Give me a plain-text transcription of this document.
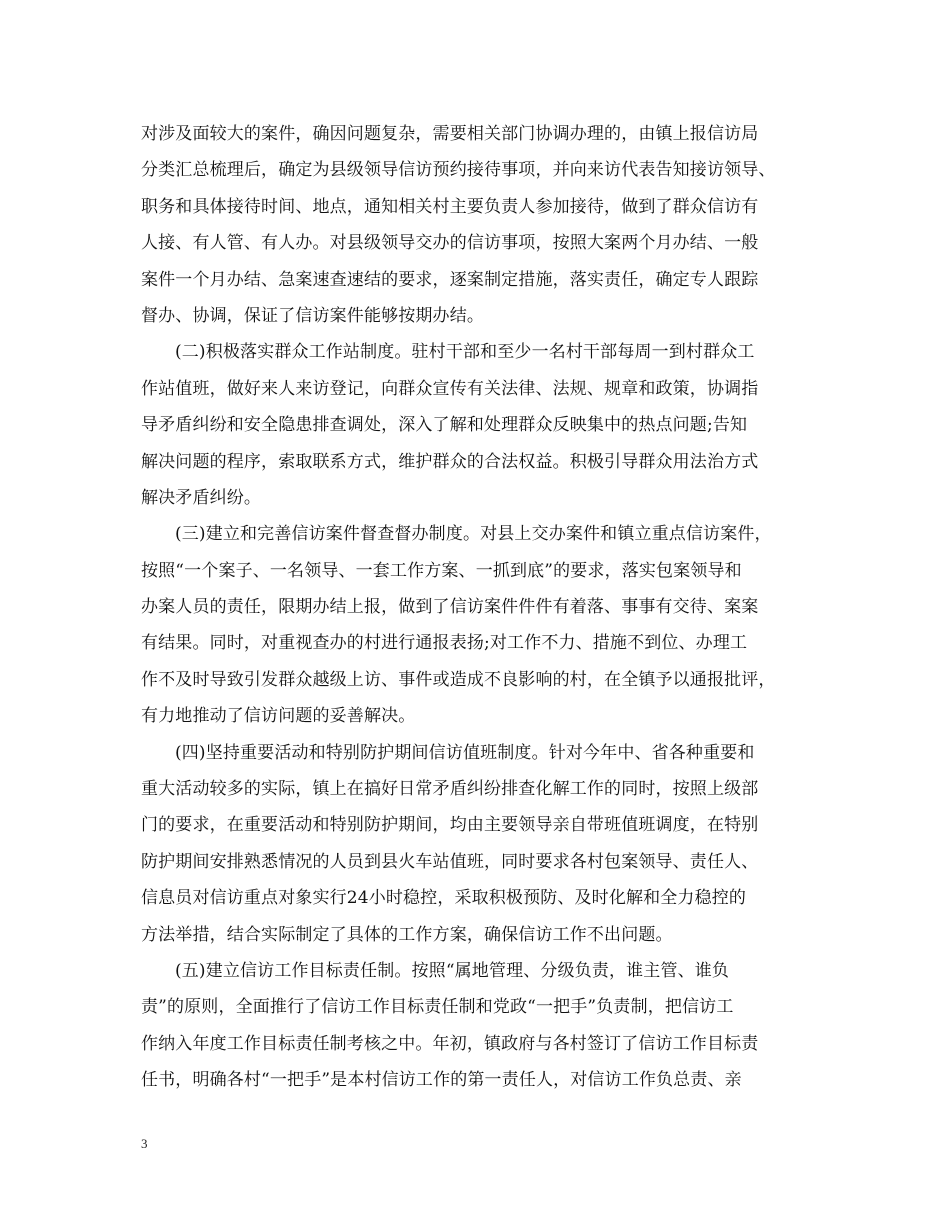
对涉及面较大的案件，确因问题复杂，需要相关部门协调办理的，由镇上报信访局
分类汇总梳理后，确定为县级领导信访预约接待事项，并向来访代表告知接访领导、
职务和具体接待时间、地点，通知相关村主要负责人参加接待，做到了群众信访有
人接、有人管、有人办。对县级领导交办的信访事项，按照大案两个月办结、一般
案件一个月办结、急案速查速结的要求，逐案制定措施，落实责任，确定专人跟踪
督办、协调，保证了信访案件能够按期办结。
(二)积极落实群众工作站制度。驻村干部和至少一名村干部每周一到村群众工
作站值班，做好来人来访登记，向群众宣传有关法律、法规、规章和政策，协调指
导矛盾纠纷和安全隐患排查调处，深入了解和处理群众反映集中的热点问题;告知
解决问题的程序，索取联系方式，维护群众的合法权益。积极引导群众用法治方式
解决矛盾纠纷。
(三)建立和完善信访案件督查督办制度。对县上交办案件和镇立重点信访案件，
按照“一个案子、一名领导、一套工作方案、一抓到底”的要求，落实包案领导和
办案人员的责任，限期办结上报，做到了信访案件件件有着落、事事有交待、案案
有结果。同时，对重视查办的村进行通报表扬;对工作不力、措施不到位、办理工
作不及时导致引发群众越级上访、事件或造成不良影响的村，在全镇予以通报批评，
有力地推动了信访问题的妥善解决。
(四)坚持重要活动和特别防护期间信访值班制度。针对今年中、省各种重要和
重大活动较多的实际，镇上在搞好日常矛盾纠纷排查化解工作的同时，按照上级部
门的要求，在重要活动和特别防护期间，均由主要领导亲自带班值班调度，在特别
防护期间安排熟悉情况的人员到县火车站值班，同时要求各村包案领导、责任人、
信息员对信访重点对象实行24小时稳控，采取积极预防、及时化解和全力稳控的
方法举措，结合实际制定了具体的工作方案，确保信访工作不出问题。
(五)建立信访工作目标责任制。按照“属地管理、分级负责，谁主管、谁负
责”的原则，全面推行了信访工作目标责任制和党政“一把手”负责制，把信访工
作纳入年度工作目标责任制考核之中。年初，镇政府与各村签订了信访工作目标责
任书，明确各村“一把手”是本村信访工作的第一责任人，对信访工作负总责、亲
3
